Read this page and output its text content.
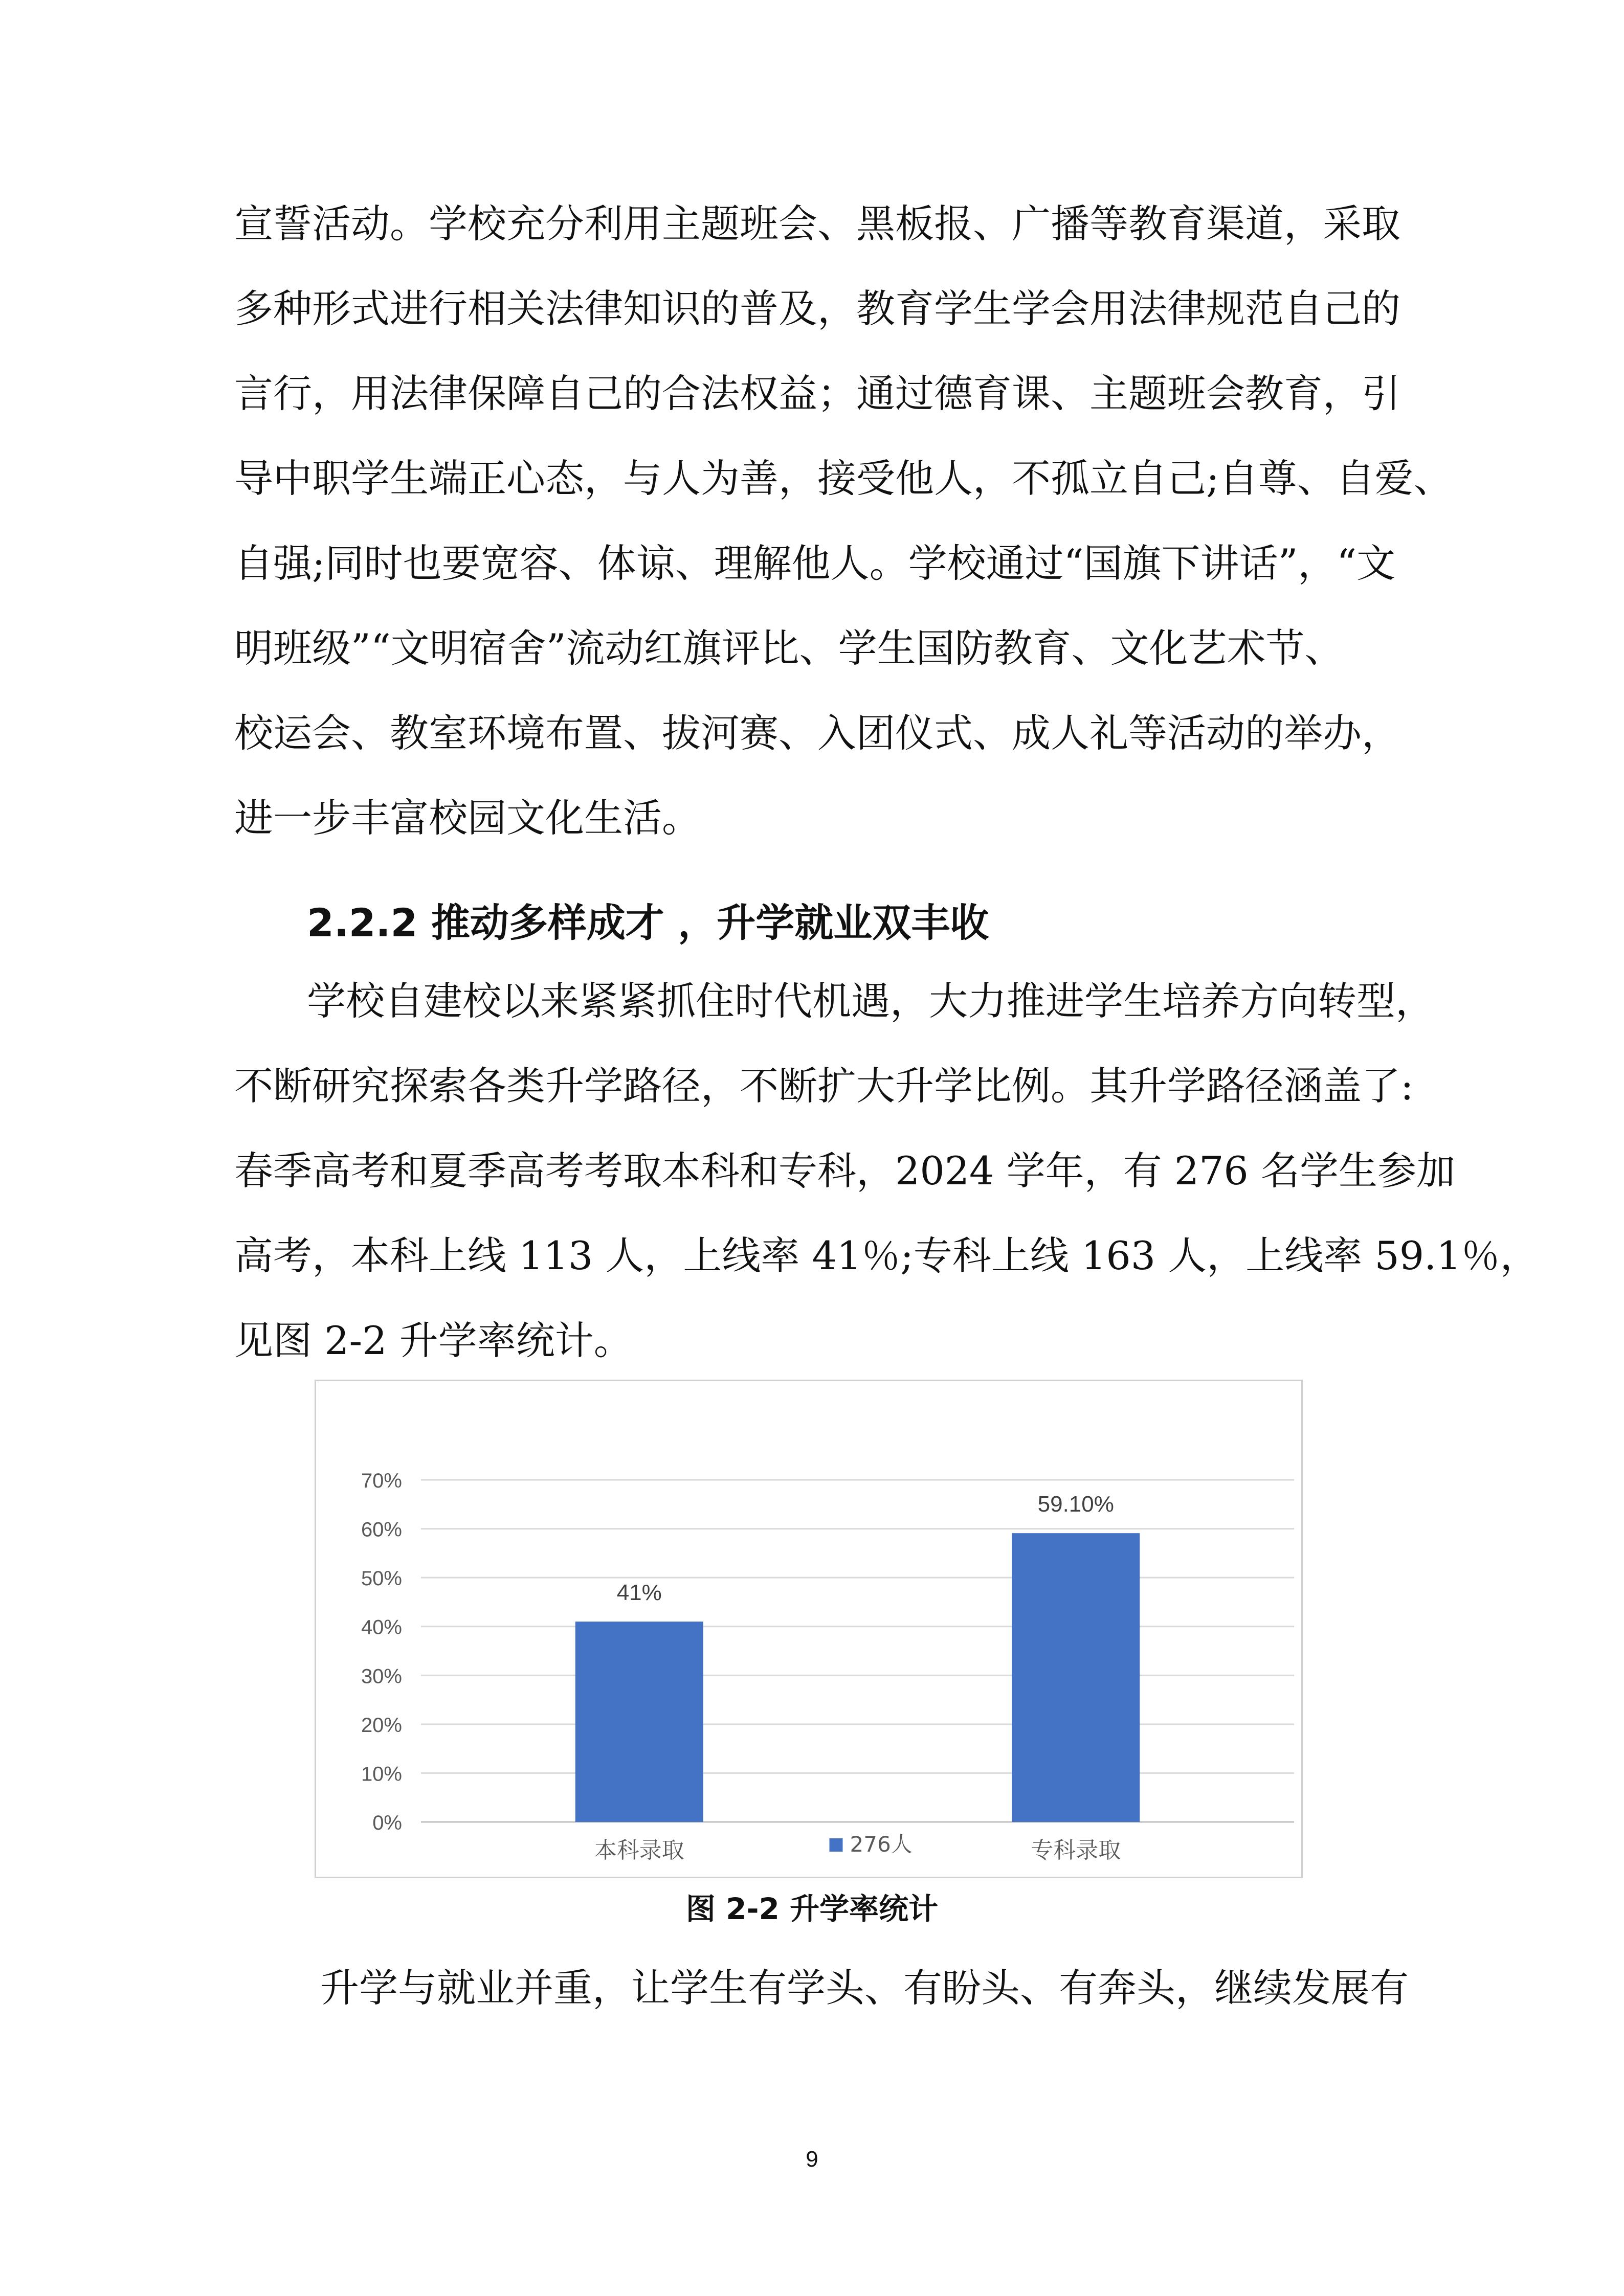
宣誓活动。学校充分利用主题班会、黑板报、广播等教育渠道，采取
多种形式进行相关法律知识的普及，教育学生学会用法律规范自己的
言行，用法律保障自己的合法权益；通过德育课、主题班会教育，引
导中职学生端正心态，与人为善，接受他人，不孤立自己;自尊、自爱、
自强;同时也要宽容、体谅、理解他人。学校通过“国旗下讲话”，“文
明班级”“文明宿舍”流动红旗评比、学生国防教育、文化艺术节、
校运会、教室环境布置、拔河赛、入团仪式、成人礼等活动的举办，
进一步丰富校园文化生活。
2.2.2 推动多样成才 ，升学就业双丰收
学校自建校以来紧紧抓住时代机遇，大力推进学生培养方向转型，
不断研究探索各类升学路径，不断扩大升学比例。其升学路径涵盖了:
春季高考和夏季高考考取本科和专科，2024 学年，有 276 名学生参加
高考，本科上线 113 人，上线率 41％;专科上线 163 人，上线率 59.1％，
见图 2-2 升学率统计。
0%
10%
20%
30%
40%
50%
60%
70%
41%
本科录取
59.10%
专科录取
276人
图 2-2 升学率统计
升学与就业并重，让学生有学头、有盼头、有奔头，继续发展有
9
